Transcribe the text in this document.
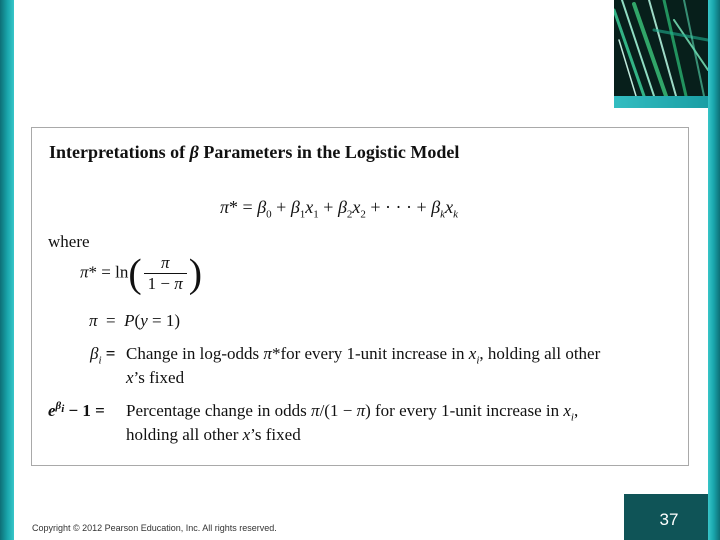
Interpretations of β Parameters in the Logistic Model
$\pi* = \beta_0 + \beta_1x_1 + \beta_2x_2$ + · · · + $\beta_kx_k$
where
$\pi* = \ln( \frac{\pi}{1 - \pi}$ )
π  =  P(y = 1)
$\beta_i$ = Change in log-odds π*for every 1-unit increase in $x_i$, holding all other
x’s fixed
$e^{\beta_i} - 1$ = Percentage change in odds π/(1 − π) for every 1-unit increase in $x_i$,
holding all other x’s fixed
Copyright © 2012 Pearson Education, Inc. All rights reserved.	37
